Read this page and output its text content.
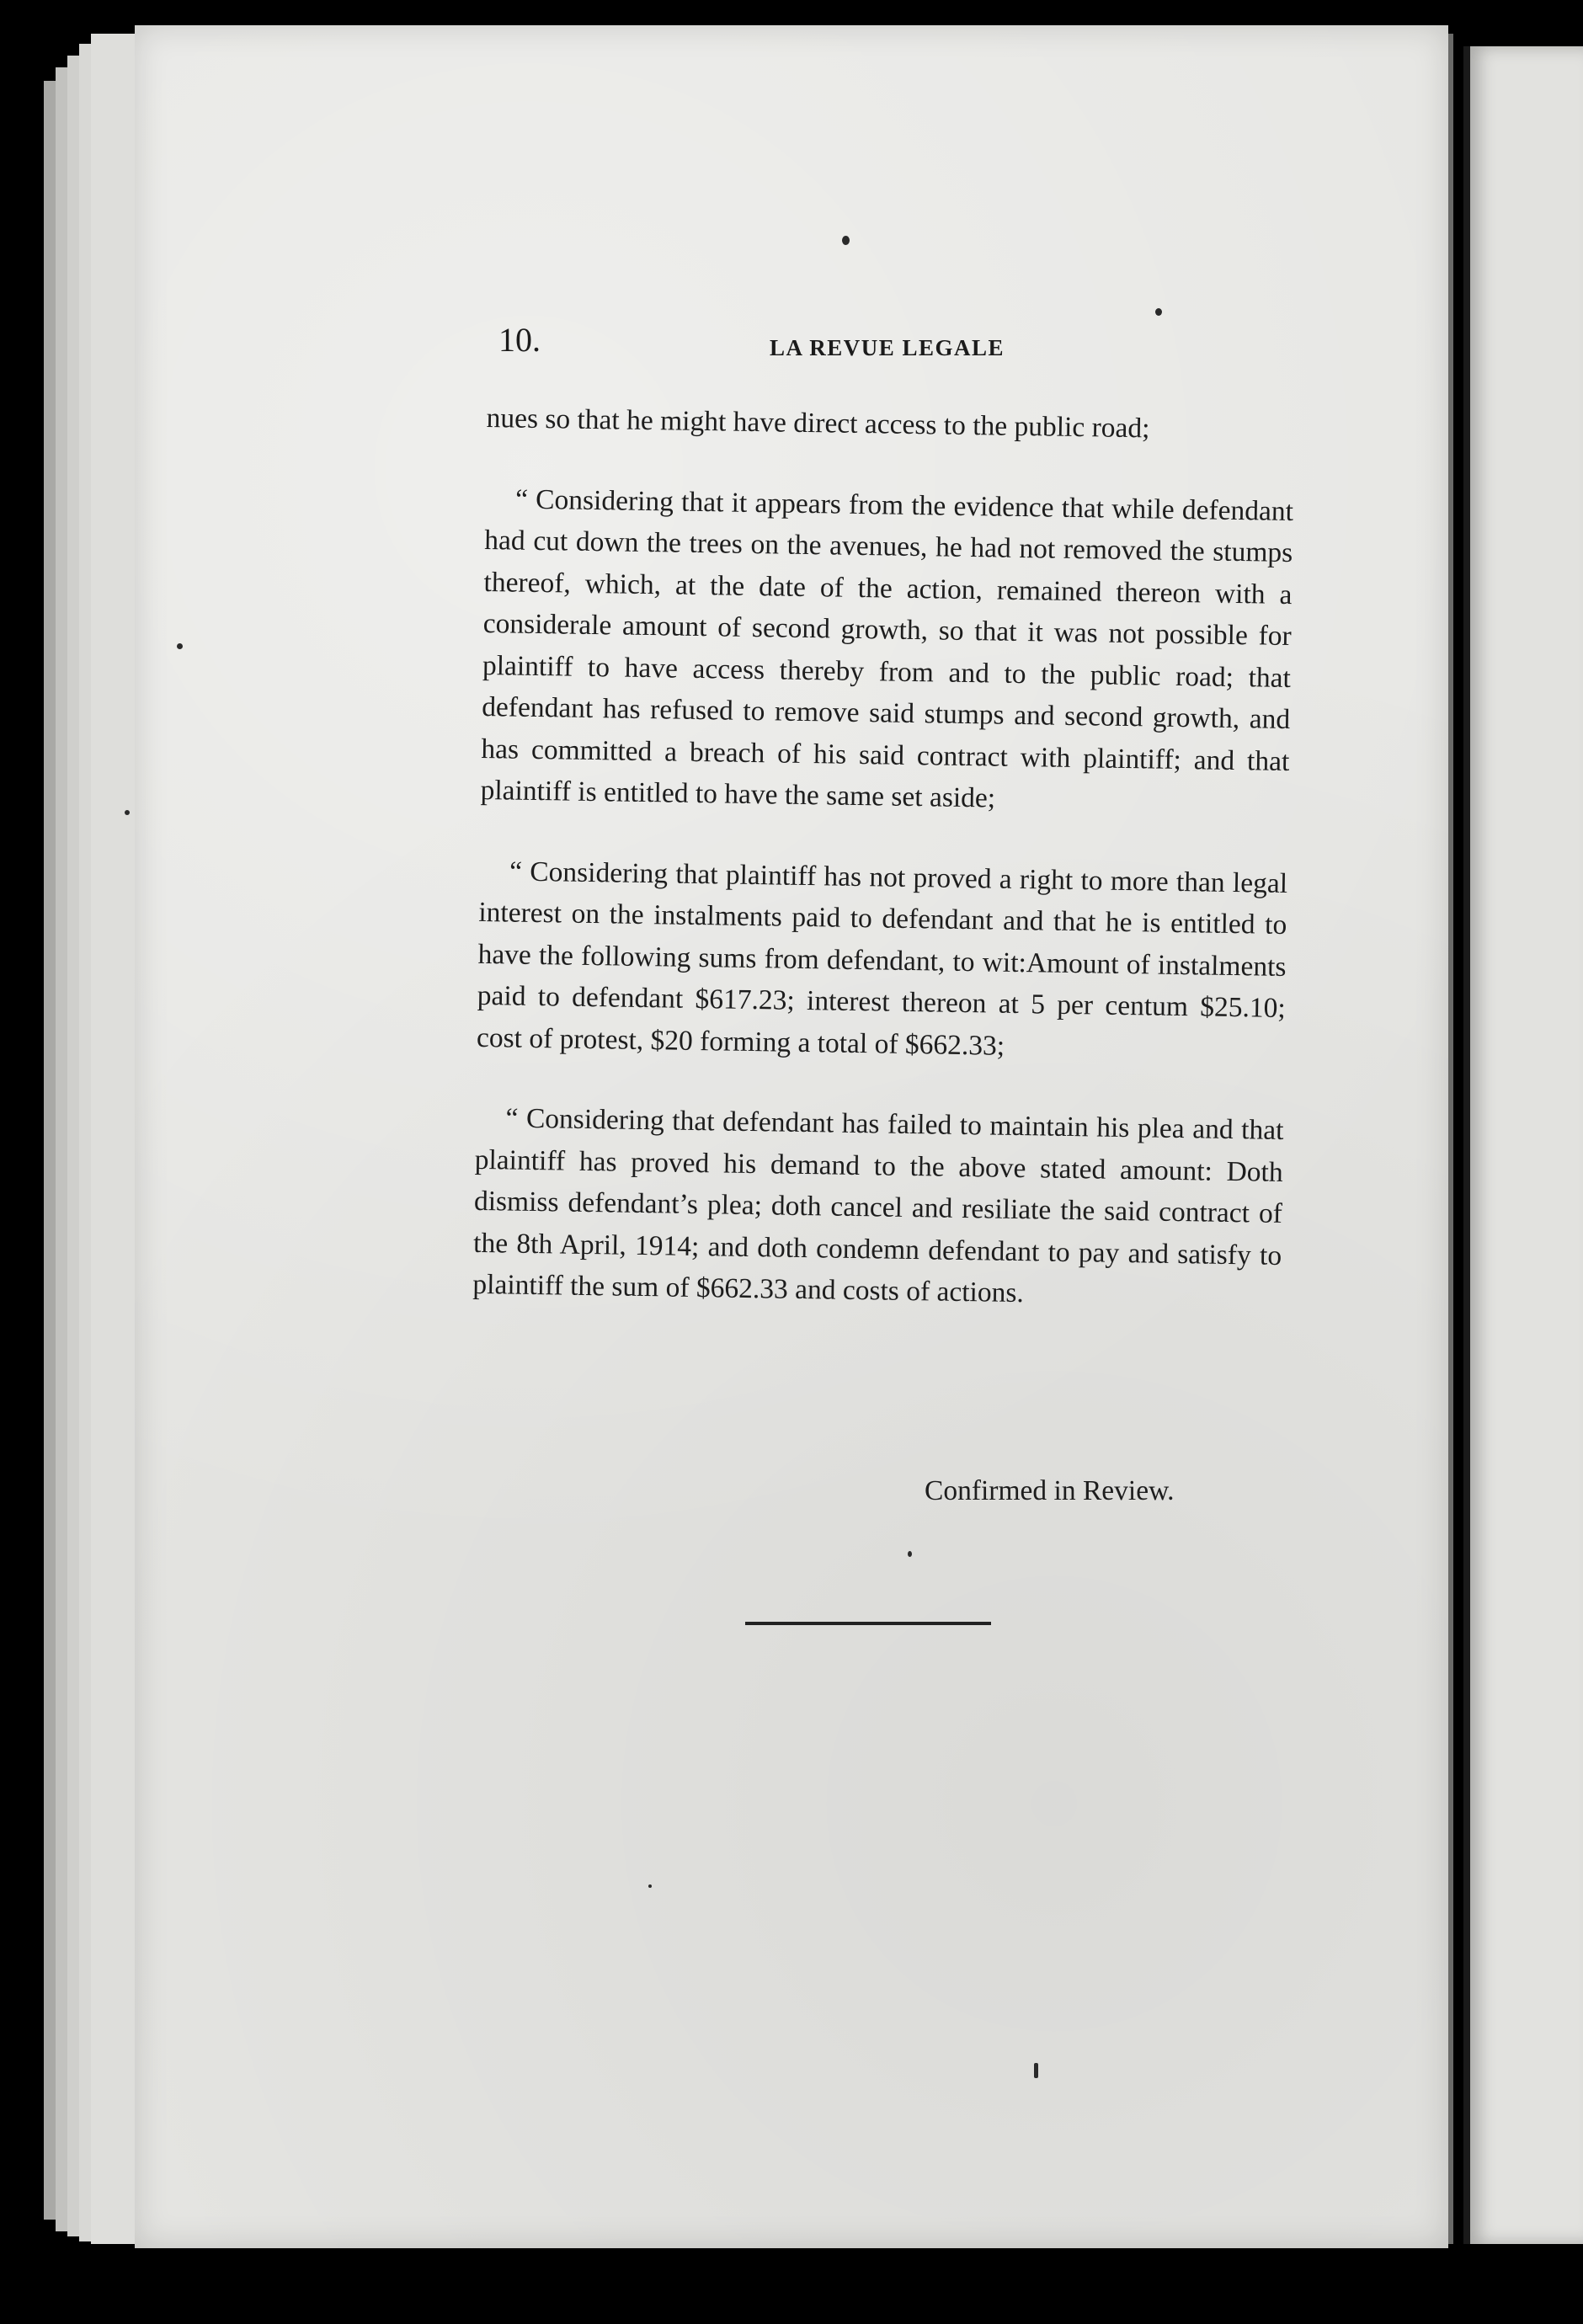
10.	LA REVUE LEGALE

nues so that he might have direct access to the public road;

“ Considering that it appears from the evidence that while defendant had cut down the trees on the avenues, he had not removed the stumps thereof, which, at the date of the action, remained thereon with a considerale amount of second growth, so that it was not possible for plaintiff to have access thereby from and to the public road; that defendant has refused to remove said stumps and second growth, and has committed a breach of his said contract with plaintiff; and that plaintiff is entitled to have the same set aside;

“ Considering that plaintiff has not proved a right to more than legal interest on the instalments paid to defendant and that he is entitled to have the following sums from defendant, to wit:Amount of instalments paid to defendant $617.23; interest thereon at 5 per centum $25.10; cost of protest, $20 forming a total of $662.33;

“ Considering that defendant has failed to maintain his plea and that plaintiff has proved his demand to the above stated amount: Doth dismiss defendant’s plea; doth cancel and resiliate the said contract of the 8th April, 1914; and doth condemn defendant to pay and satisfy to plaintiff the sum of $662.33 and costs of actions.

Confirmed in Review.
